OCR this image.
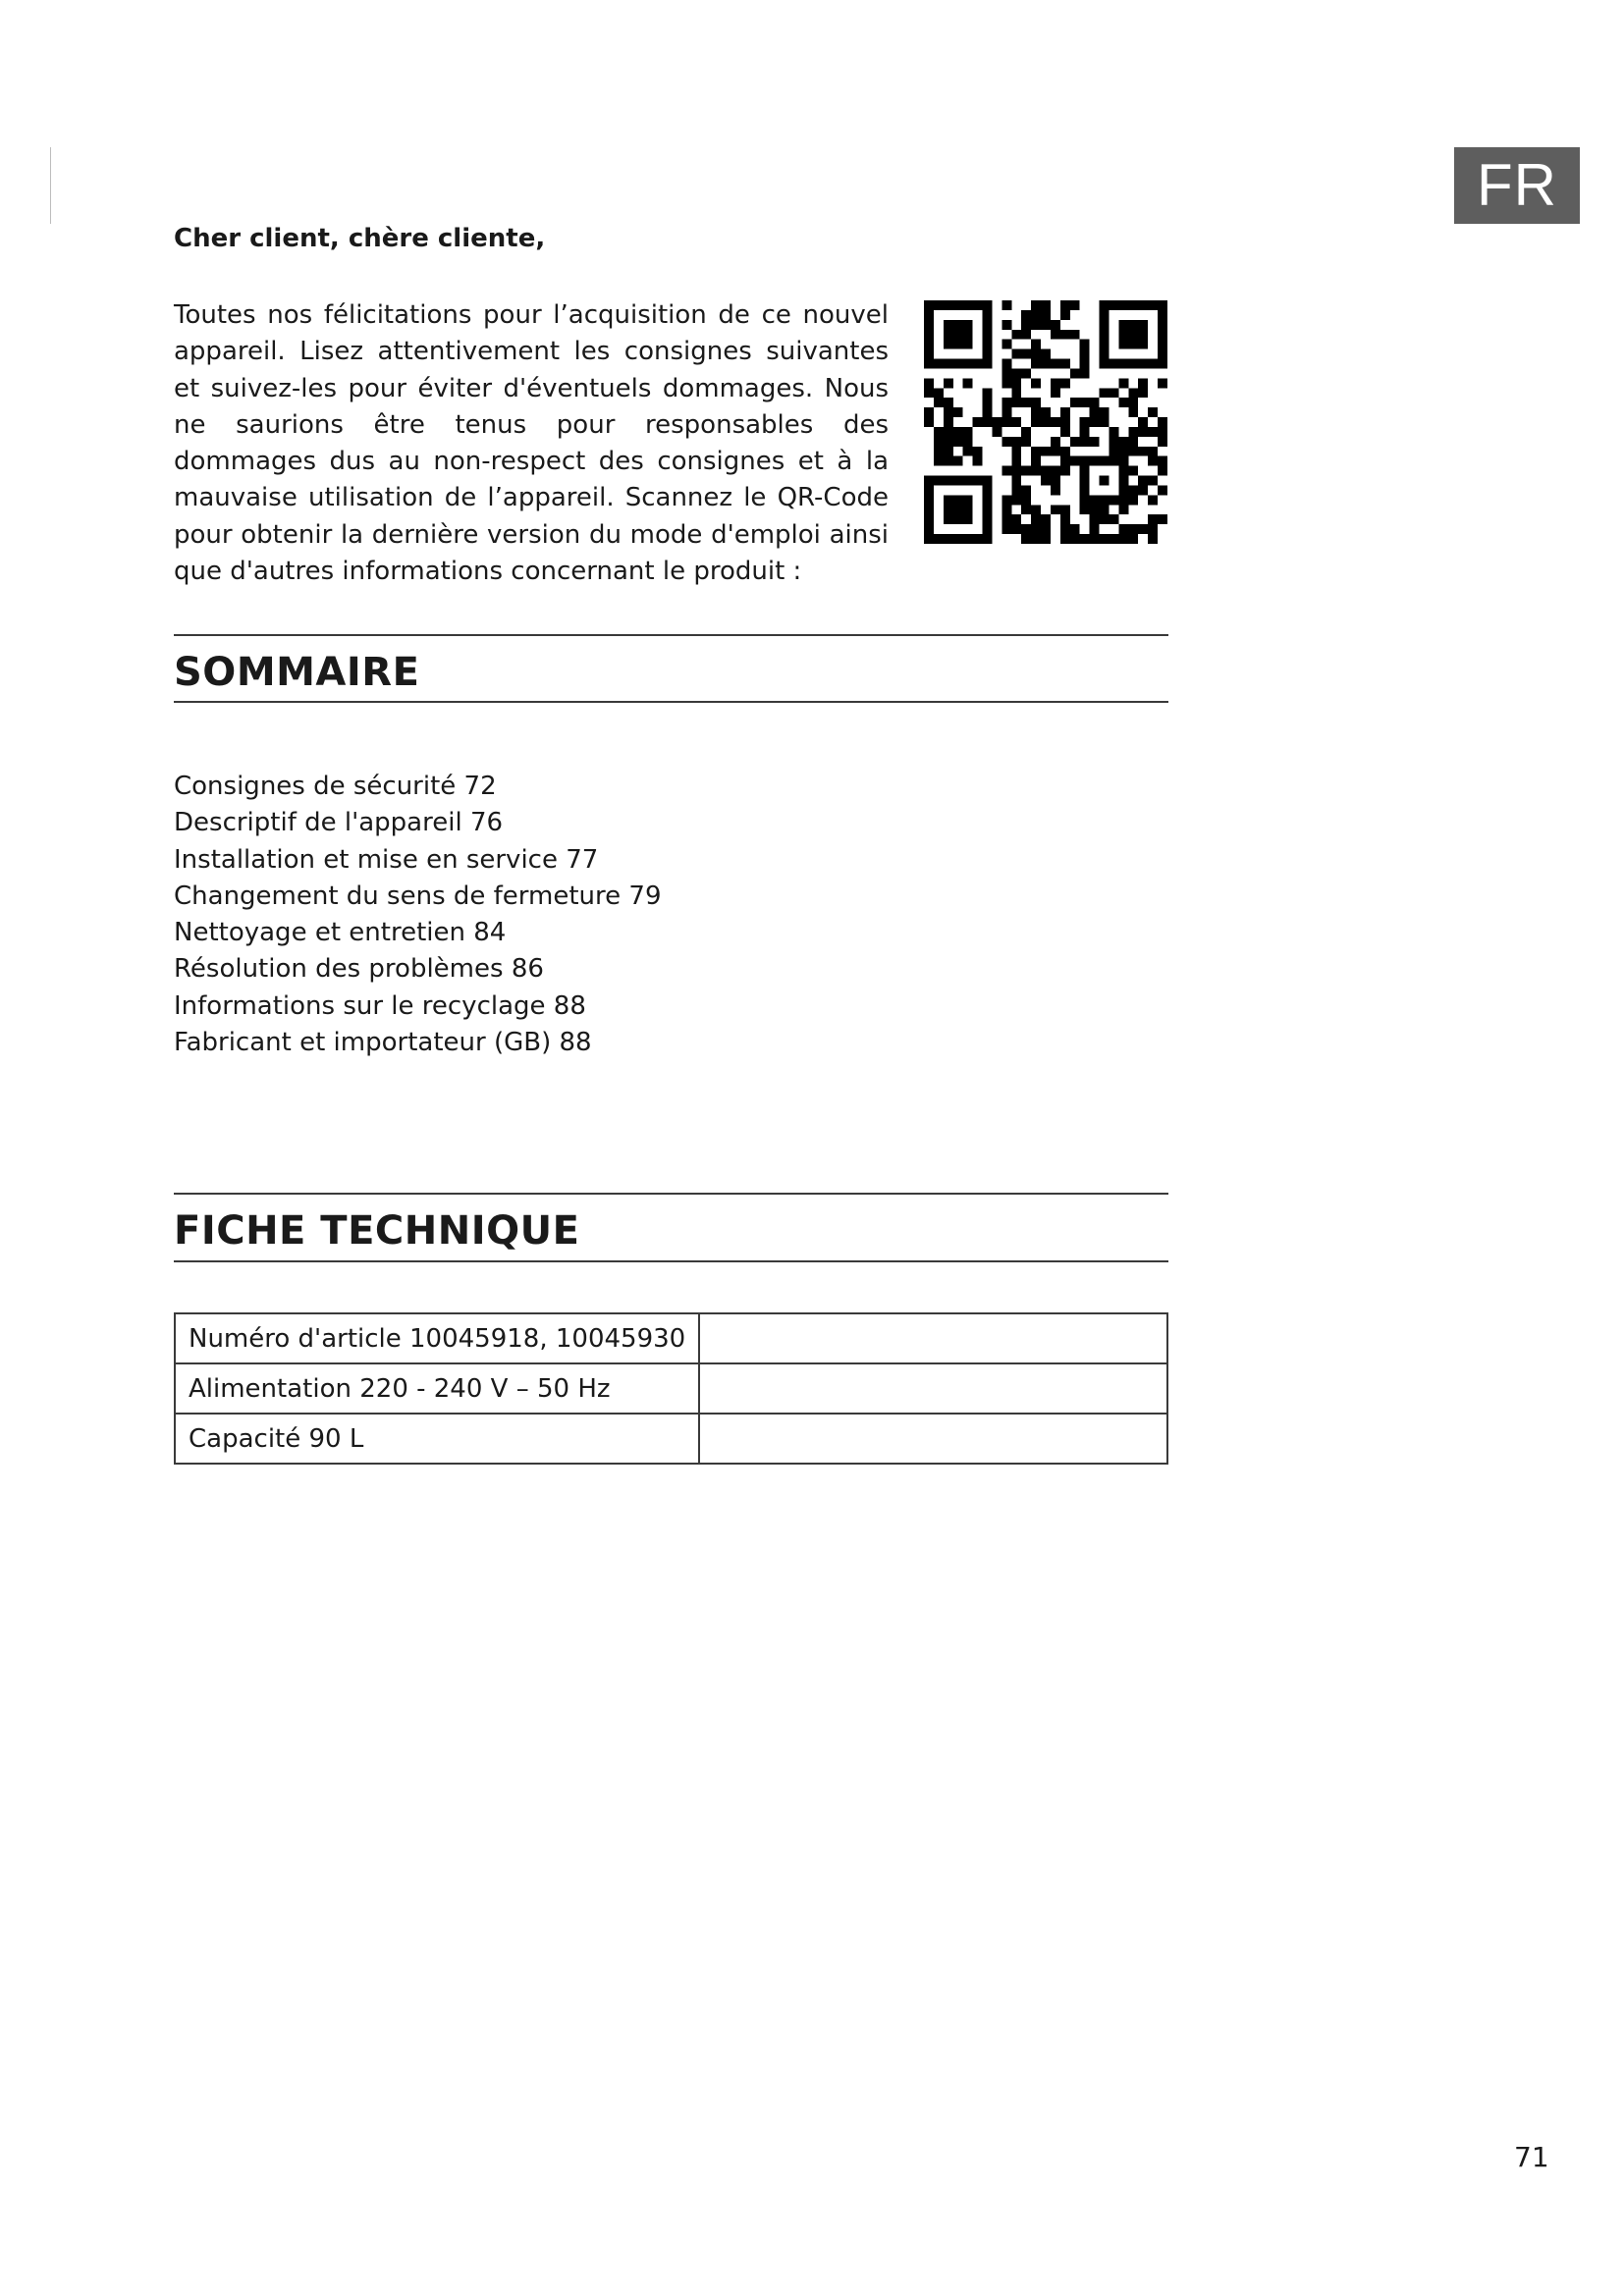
FR
Cher client, chère cliente,

Toutes nos félicitations pour l’acquisition de ce nouvel appareil. Lisez attentivement les consignes suivantes et suivez-les pour éviter d'éventuels dommages. Nous ne saurions être tenus pour responsables des dommages dus au non-respect des consignes et à la mauvaise utilisation de l’appareil. Scannez le QR-Code pour obtenir la dernière version du mode d'emploi ainsi que d'autres informations concernant le produit :

SOMMAIRE
Consignes de sécurité 72
Descriptif de l'appareil 76
Installation et mise en service 77
Changement du sens de fermeture 79
Nettoyage et entretien 84
Résolution des problèmes 86
Informations sur le recyclage 88
Fabricant et importateur (GB) 88
FICHE TECHNIQUE
Numéro d'article 10045918, 10045930	
Alimentation 220 - 240 V – 50 Hz	
Capacité 90 L	
71
